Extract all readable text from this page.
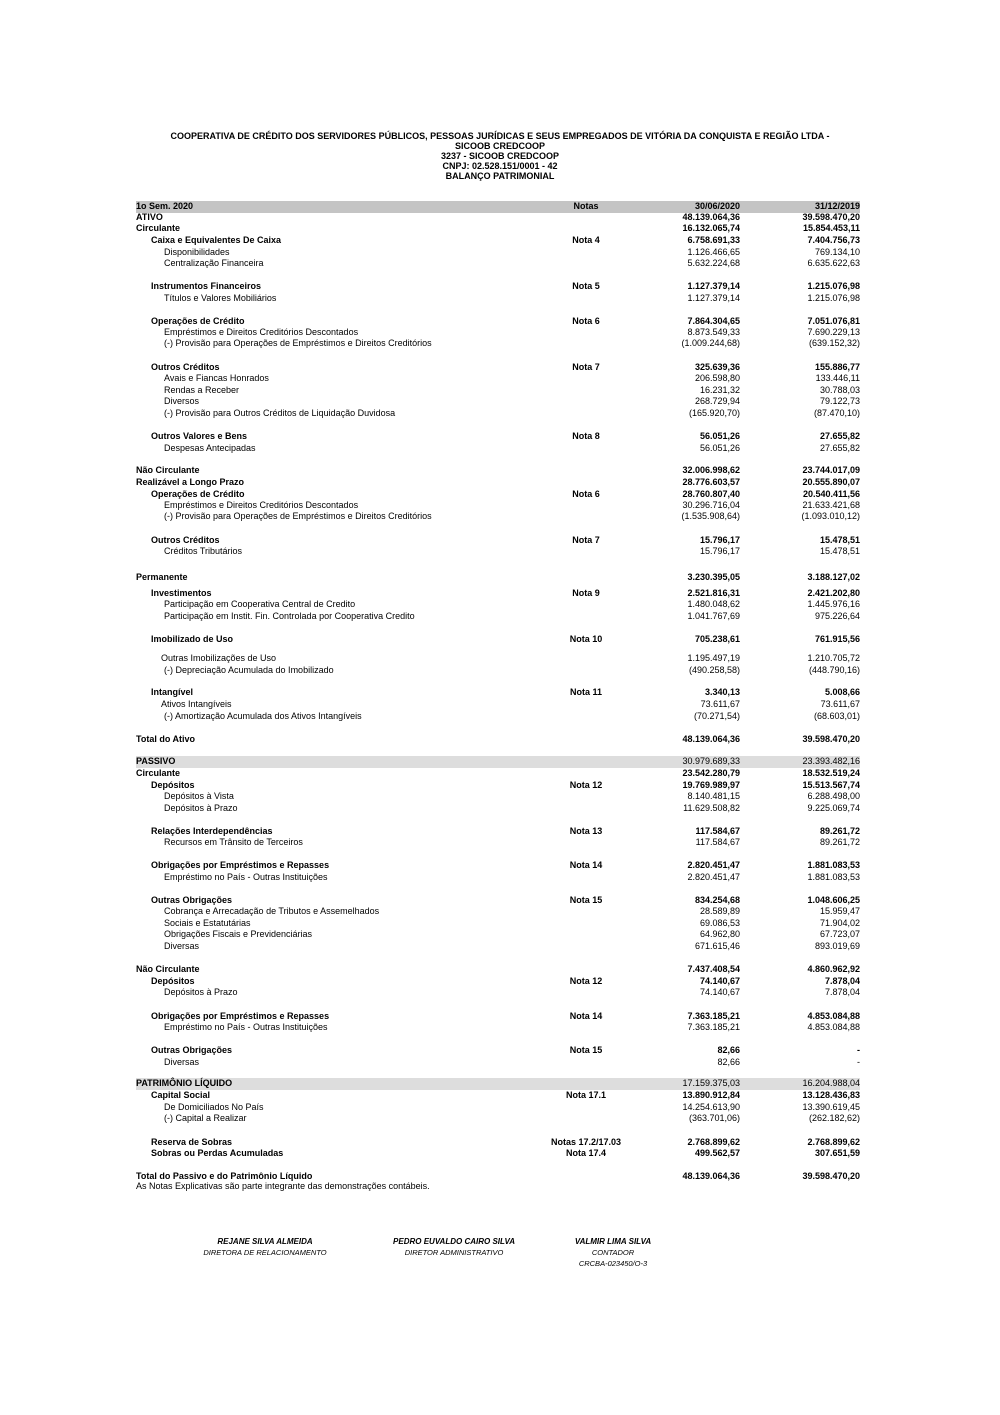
COOPERATIVA DE CRÉDITO DOS SERVIDORES PÚBLICOS, PESSOAS JURÍDICAS E SEUS EMPREGADOS DE VITÓRIA DA CONQUISTA E REGIÃO LTDA -
SICOOB CREDCOOP
3237 - SICOOB CREDCOOP
CNPJ: 02.528.151/0001 - 42
BALANÇO PATRIMONIAL
1o Sem. 2020	Notas	30/06/2020	31/12/2019
ATIVO	48.139.064,36	39.598.470,20
Circulante	16.132.065,74	15.854.453,11
Caixa e Equivalentes De Caixa	Nota 4	6.758.691,33	7.404.756,73
Disponibilidades	1.126.466,65	769.134,10
Centralização Financeira	5.632.224,68	6.635.622,63
Instrumentos Financeiros	Nota 5	1.127.379,14	1.215.076,98
Títulos e Valores Mobiliários	1.127.379,14	1.215.076,98
Operações de Crédito	Nota 6	7.864.304,65	7.051.076,81
Empréstimos e Direitos Creditórios Descontados	8.873.549,33	7.690.229,13
(-) Provisão para Operações de Empréstimos e Direitos Creditórios	(1.009.244,68)	(639.152,32)
Outros Créditos	Nota 7	325.639,36	155.886,77
Avais e Fiancas Honrados	206.598,80	133.446,11
Rendas a Receber	16.231,32	30.788,03
Diversos	268.729,94	79.122,73
(-) Provisão para Outros Créditos de Liquidação Duvidosa	(165.920,70)	(87.470,10)
Outros Valores e Bens	Nota 8	56.051,26	27.655,82
Despesas Antecipadas	56.051,26	27.655,82
Não Circulante	32.006.998,62	23.744.017,09
Realizável a Longo Prazo	28.776.603,57	20.555.890,07
Operações de Crédito	Nota 6	28.760.807,40	20.540.411,56
Empréstimos e Direitos Creditórios Descontados	30.296.716,04	21.633.421,68
(-) Provisão para Operações de Empréstimos e Direitos Creditórios	(1.535.908,64)	(1.093.010,12)
Outros Créditos	Nota 7	15.796,17	15.478,51
Créditos Tributários	15.796,17	15.478,51
Permanente	3.230.395,05	3.188.127,02
Investimentos	Nota 9	2.521.816,31	2.421.202,80
Participação em Cooperativa Central de Credito	1.480.048,62	1.445.976,16
Participação em Instit. Fin. Controlada por Cooperativa Credito	1.041.767,69	975.226,64
Imobilizado de Uso	Nota 10	705.238,61	761.915,56
Outras Imobilizações de Uso	1.195.497,19	1.210.705,72
(-) Depreciação Acumulada do Imobilizado	(490.258,58)	(448.790,16)
Intangível	Nota 11	3.340,13	5.008,66
Ativos Intangíveis	73.611,67	73.611,67
(-) Amortização Acumulada dos Ativos Intangíveis	(70.271,54)	(68.603,01)
Total do Ativo	48.139.064,36	39.598.470,20
PASSIVO	30.979.689,33	23.393.482,16
Circulante	23.542.280,79	18.532.519,24
Depósitos	Nota 12	19.769.989,97	15.513.567,74
Depósitos à Vista	8.140.481,15	6.288.498,00
Depósitos à Prazo	11.629.508,82	9.225.069,74
Relações Interdependências	Nota 13	117.584,67	89.261,72
Recursos em Trânsito de Terceiros	117.584,67	89.261,72
Obrigações por Empréstimos e Repasses	Nota 14	2.820.451,47	1.881.083,53
Empréstimo no País - Outras Instituições	2.820.451,47	1.881.083,53
Outras Obrigações	Nota 15	834.254,68	1.048.606,25
Cobrança e Arrecadação de Tributos e Assemelhados	28.589,89	15.959,47
Sociais e Estatutárias	69.086,53	71.904,02
Obrigações Fiscais e Previdenciárias	64.962,80	67.723,07
Diversas	671.615,46	893.019,69
Não Circulante	7.437.408,54	4.860.962,92
Depósitos	Nota 12	74.140,67	7.878,04
Depósitos à Prazo	74.140,67	7.878,04
Obrigações por Empréstimos e Repasses	Nota 14	7.363.185,21	4.853.084,88
Empréstimo no País - Outras Instituições	7.363.185,21	4.853.084,88
Outras Obrigações	Nota 15	82,66	-
Diversas	82,66	-
PATRIMÔNIO LÍQUIDO	17.159.375,03	16.204.988,04
Capital Social	Nota 17.1	13.890.912,84	13.128.436,83
De Domiciliados No País	14.254.613,90	13.390.619,45
(-) Capital a Realizar	(363.701,06)	(262.182,62)
Reserva de Sobras	Notas 17.2/17.03	2.768.899,62	2.768.899,62
Sobras ou Perdas Acumuladas	Nota 17.4	499.562,57	307.651,59
Total do Passivo e do Patrimônio Líquido	48.139.064,36	39.598.470,20
As Notas Explicativas são parte integrante das demonstrações contábeis.
REJANE SILVA ALMEIDA
DIRETORA DE RELACIONAMENTO
PEDRO EUVALDO CAIRO SILVA
DIRETOR ADMINISTRATIVO
VALMIR LIMA SILVA
CONTADOR
CRCBA-023450/O-3
